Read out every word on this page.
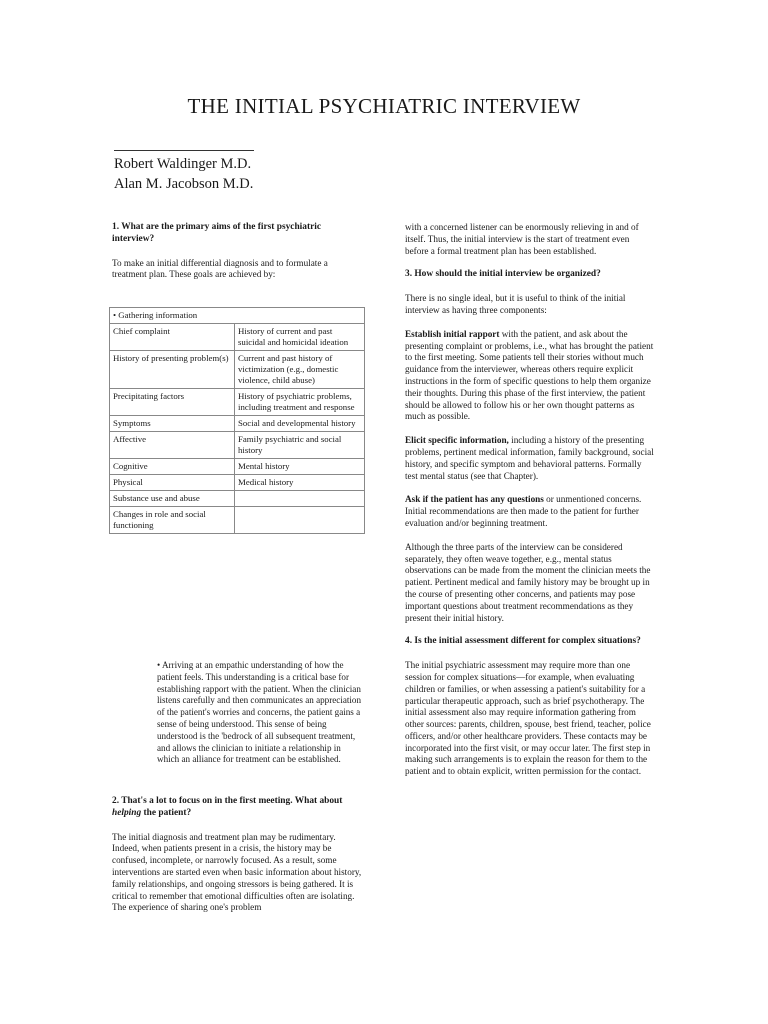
THE INITIAL PSYCHIATRIC INTERVIEW
Robert Waldinger M.D.
Alan M. Jacobson M.D.
1. What are the primary aims of the first psychiatric interview?

To make an initial differential diagnosis and to formulate a treatment plan. These goals are achieved by:

• Gathering information	
Chief complaint	History of current and past suicidal and homicidal ideation
History of presenting problem(s)	Current and past history of victimization (e.g., domestic violence, child abuse)
Precipitating factors	History of psychiatric problems, including treatment and response
Symptoms	Social and developmental history
Affective	Family psychiatric and social history
Cognitive	Mental history
Physical	Medical history
Substance use and abuse	
Changes in role and social functioning	
• Arriving at an empathic understanding of how the patient feels. This understanding is a critical base for establishing rapport with the patient. When the clinician listens carefully and then communicates an appreciation of the patient's worries and concerns, the patient gains a sense of being understood. This sense of being understood is the 'bedrock of all subsequent treatment, and allows the clinician to initiate a relationship in which an alliance for treatment can be established.
2. That's a lot to focus on in the first meeting. What about helping the patient?

The initial diagnosis and treatment plan may be rudimentary. Indeed, when patients present in a crisis, the history may be confused, incomplete, or narrowly focused. As a result, some interventions are started even when basic information about history, family relationships, and ongoing stressors is being gathered. It is critical to remember that emotional difficulties often are isolating. The experience of sharing one's problem

with a concerned listener can be enormously relieving in and of itself. Thus, the initial interview is the start of treatment even before a formal treatment plan has been established.

3. How should the initial interview be organized?

There is no single ideal, but it is useful to think of the initial interview as having three components:

Establish initial rapport with the patient, and ask about the presenting complaint or problems, i.e., what has brought the patient to the first meeting. Some patients tell their stories without much guidance from the interviewer, whereas others require explicit instructions in the form of specific questions to help them organize their thoughts. During this phase of the first interview, the patient should be allowed to follow his or her own thought patterns as much as possible.

Elicit specific information, including a history of the presenting problems, pertinent medical information, family background, social history, and specific symptom and behavioral patterns. Formally test mental status (see that Chapter).

Ask if the patient has any questions or unmentioned concerns. Initial recommendations are then made to the patient for further evaluation and/or beginning treatment.

Although the three parts of the interview can be considered separately, they often weave together, e.g., mental status observations can be made from the moment the clinician meets the patient. Pertinent medical and family history may be brought up in the course of presenting other concerns, and patients may pose important questions about treatment recommendations as they present their initial history.

4. Is the initial assessment different for complex situations?

The initial psychiatric assessment may require more than one session for complex situations—for example, when evaluating children or families, or when assessing a patient's suitability for a particular therapeutic approach, such as brief psychotherapy. The initial assessment also may require information gathering from other sources: parents, children, spouse, best friend, teacher, police officers, and/or other healthcare providers. These contacts may be incorporated into the first visit, or may occur later. The first step in making such arrangements is to explain the reason for them to the patient and to obtain explicit, written permission for the contact.
